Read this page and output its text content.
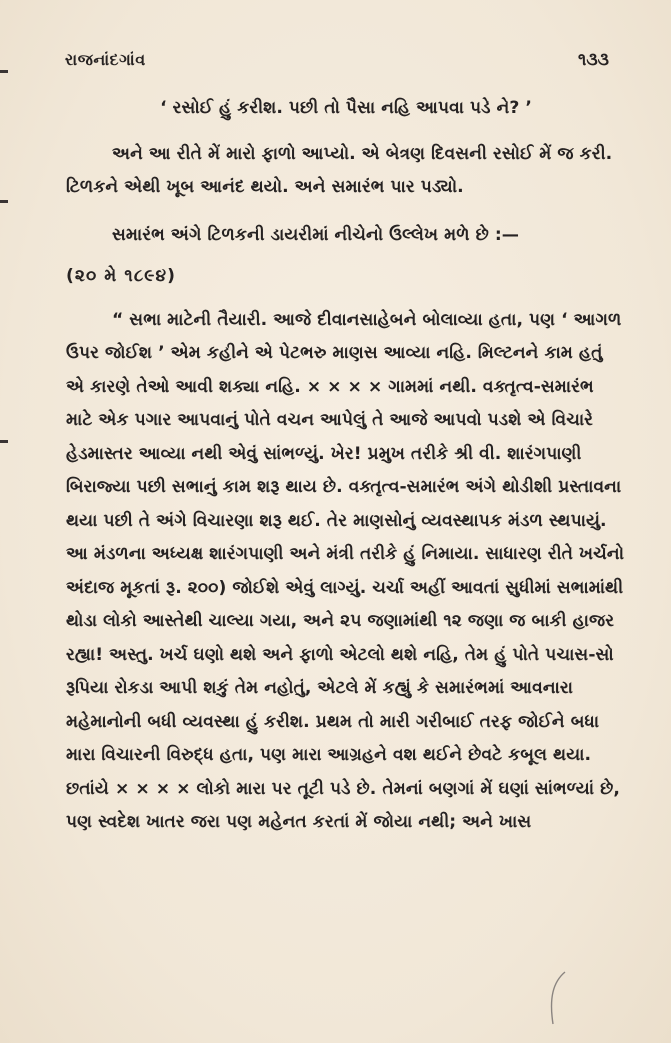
રાજનાંદગાંવ	૧૩૩

‘ રસોઈ હું કરીશ. પછી તો પૈસા નહિ આપવા પડે ને? ’

અને આ રીતે મેં મારો ફાળો આપ્યો. એ બેત્રણ દિવસની રસોઈ મેં જ કરી. ટિળકને એથી ખૂબ આનંદ થયો. અને સમારંભ પાર પડ્યો.

સમારંભ અંગે ટિળકની ડાયરીમાં નીચેનો ઉલ્લેખ મળે છે :—

(૨૦ મે ૧૮૯૪)

“ સભા માટેની તૈયારી. આજે દીવાનસાહેબને બોલાવ્યા હતા, પણ ‘ આગળ ઉપર જોઈશ ’ એમ કહીને એ પેટભરુ માણસ આવ્યા નહિ. મિલ્ટનને કામ હતું એ કારણે તેઓ આવી શક્યા નહિ. × × × × ગામમાં નથી. વક્તૃત્વ-સમારંભ માટે એક પગાર આપવાનું પોતે વચન આપેલું તે આજે આપવો પડશે એ વિચારે હેડમાસ્તર આવ્યા નથી એવું સાંભળ્યું. ખેર! પ્રમુખ તરીકે શ્રી વી. શારંગપાણી બિરાજ્યા પછી સભાનું કામ શરૂ થાય છે. વક્તૃત્વ-સમારંભ અંગે થોડીશી પ્રસ્તાવના થયા પછી તે અંગે વિચારણા શરૂ થઈ. તેર માણસોનું વ્યવસ્થાપક મંડળ સ્થપાયું. આ મંડળના અધ્યક્ષ શારંગપાણી અને મંત્રી તરીકે હું નિમાયા. સાધારણ રીતે ખર્ચનો અંદાજ મૂકતાં રૂ. ૨૦૦) જોઈશે એવું લાગ્યું. ચર્ચા અહીં આવતાં સુધીમાં સભામાંથી થોડા લોકો આસ્તેથી ચાલ્યા ગયા, અને ૨૫ જણામાંથી ૧૨ જણા જ બાકી હાજર રહ્યા! અસ્તુ. ખર્ચ ઘણો થશે અને ફાળો એટલો થશે નહિ, તેમ હું પોતે પચાસ-સો રૂપિયા રોકડા આપી શકું તેમ નહોતું, એટલે મેં કહ્યું કે સમારંભમાં આવનારા મહેમાનોની બધી વ્યવસ્થા હું કરીશ. પ્રથમ તો મારી ગરીબાઈ તરફ જોઈને બધા મારા વિચારની વિરુદ્ધ હતા, પણ મારા આગ્રહને વશ થઈને છેવટે કબૂલ થયા. છતાંયે × × × × લોકો મારા પર તૂટી પડે છે. તેમનાં બણગાં મેં ઘણાં સાંભળ્યાં છે, પણ સ્વદેશ ખાતર જરા પણ મહેનત કરતાં મેં જોયા નથી; અને ખાસ
